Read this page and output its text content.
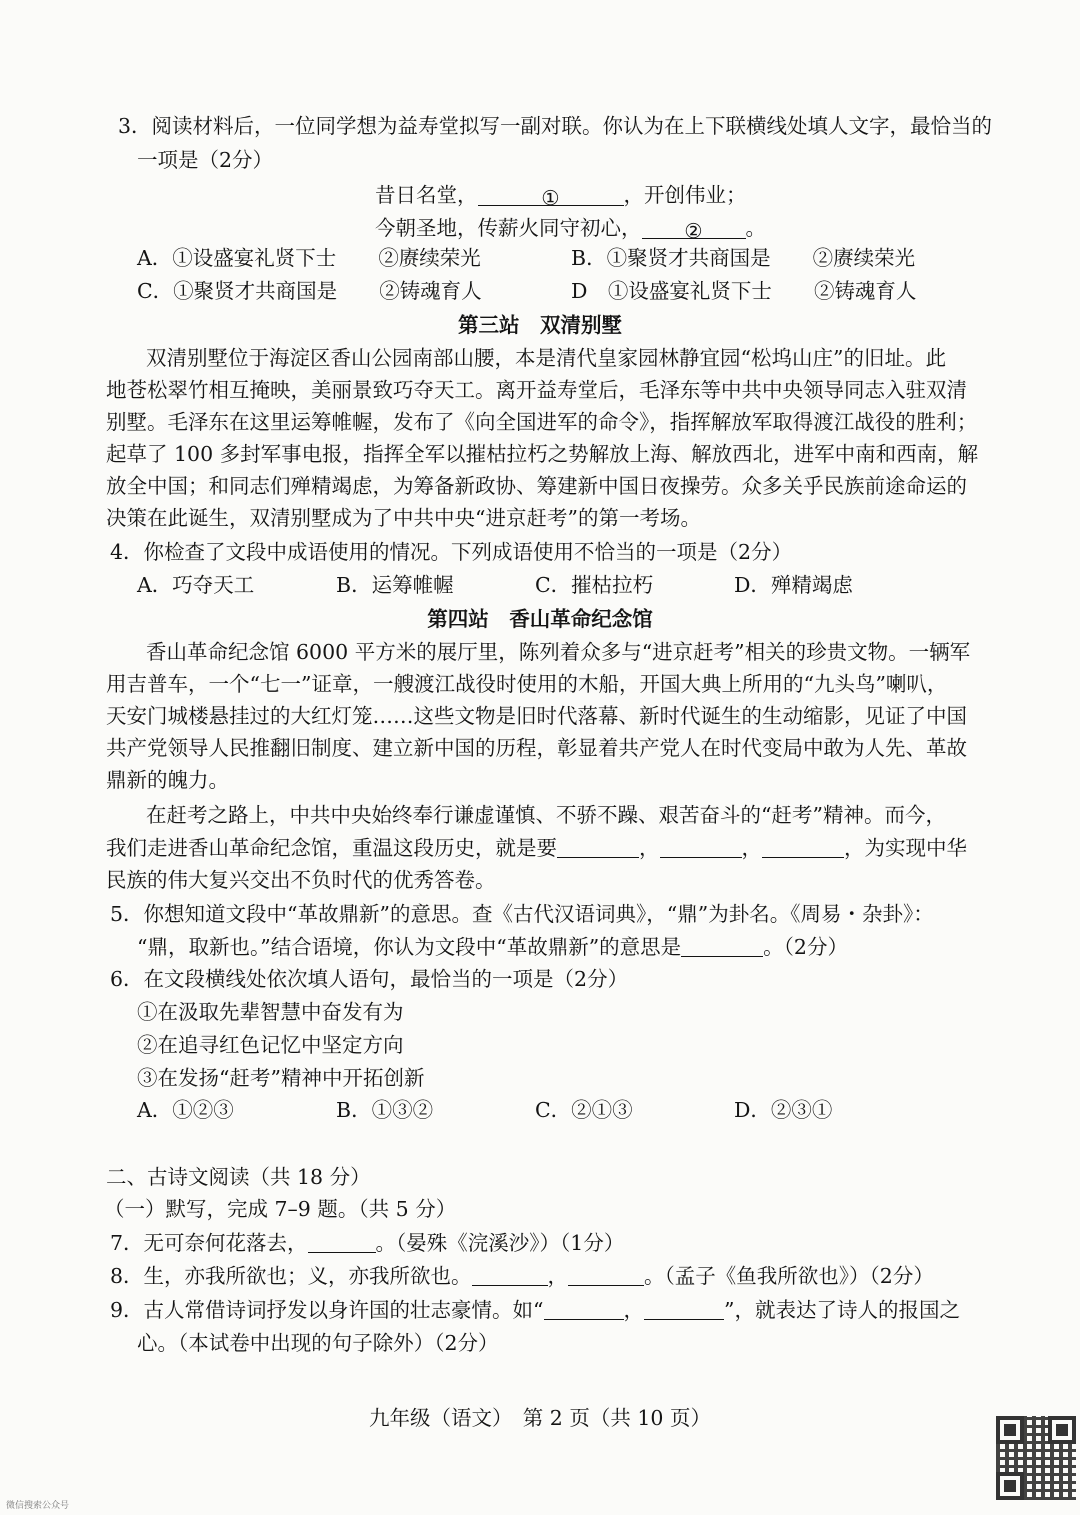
3．阅读材料后，一位同学想为益寿堂拟写一副对联。你认为在上下联横线处填人文字，最恰当的
一项是（2分）
昔日名堂，	①	，开创伟业；
今朝圣地，传薪火同守初心， ② 。
A．①设盛宴礼贤下士 ②赓续荣光	B．①聚贤才共商国是 ②赓续荣光
C．①聚贤才共商国是 ②铸魂育人	D　①设盛宴礼贤下士 ②铸魂育人
第三站　双清别墅
双清别墅位于海淀区香山公园南部山腰，本是清代皇家园林静宜园“松坞山庄”的旧址。此
地苍松翠竹相互掩映，美丽景致巧夺天工。离开益寿堂后，毛泽东等中共中央领导同志入驻双清
别墅。毛泽东在这里运筹帷幄，发布了《向全国进军的命令》，指挥解放军取得渡江战役的胜利；
起草了 100 多封军事电报，指挥全军以摧枯拉朽之势解放上海、解放西北，进军中南和西南，解
放全中国；和同志们殚精竭虑，为筹备新政协、筹建新中国日夜操劳。众多关乎民族前途命运的
决策在此诞生，双清别墅成为了中共中央“进京赶考”的第一考场。
4．你检查了文段中成语使用的情况。下列成语使用不恰当的一项是（2分）
A．巧夺天工	B．运筹帷幄	C．摧枯拉朽	D．殚精竭虑
第四站　香山革命纪念馆
香山革命纪念馆 6000 平方米的展厅里，陈列着众多与“进京赶考”相关的珍贵文物。一辆军
用吉普车，一个“七一”证章，一艘渡江战役时使用的木船，开国大典上所用的“九头鸟”喇叭，
天安门城楼悬挂过的大红灯笼……这些文物是旧时代落幕、新时代诞生的生动缩影，见证了中国
共产党领导人民推翻旧制度、建立新中国的历程，彰显着共产党人在时代变局中敢为人先、革故
鼎新的魄力。
在赶考之路上，中共中央始终奉行谦虚谨慎、不骄不躁、艰苦奋斗的“赶考”精神。而今，
我们走进香山革命纪念馆，重温这段历史，就是要	，	，	，为实现中华
民族的伟大复兴交出不负时代的优秀答卷。
5．你想知道文段中“革故鼎新”的意思。查《古代汉语词典》，“鼎”为卦名。《周易・杂卦》：
“鼎，取新也。”结合语境，你认为文段中“革故鼎新”的意思是	。（2分）
6．在文段横线处依次填人语句，最恰当的一项是（2分）
①在汲取先辈智慧中奋发有为
②在追寻红色记忆中坚定方向
③在发扬“赶考”精神中开拓创新
A．①②③	B．①③②	C．②①③	D．②③①
二、古诗文阅读（共 18 分）
（一）默写，完成 7–9 题。（共 5 分）
7．无可奈何花落去，	。（晏殊《浣溪沙》）（1分）
8．生，亦我所欲也；义，亦我所欲也。	，	。（孟子《鱼我所欲也》）（2分）
9．古人常借诗词抒发以身许国的壮志豪情。如“	，	”，就表达了诗人的报国之
心。（本试卷中出现的句子除外）（2分）
九年级（语文）　第 2 页（共 10 页）
微信搜索公众号
